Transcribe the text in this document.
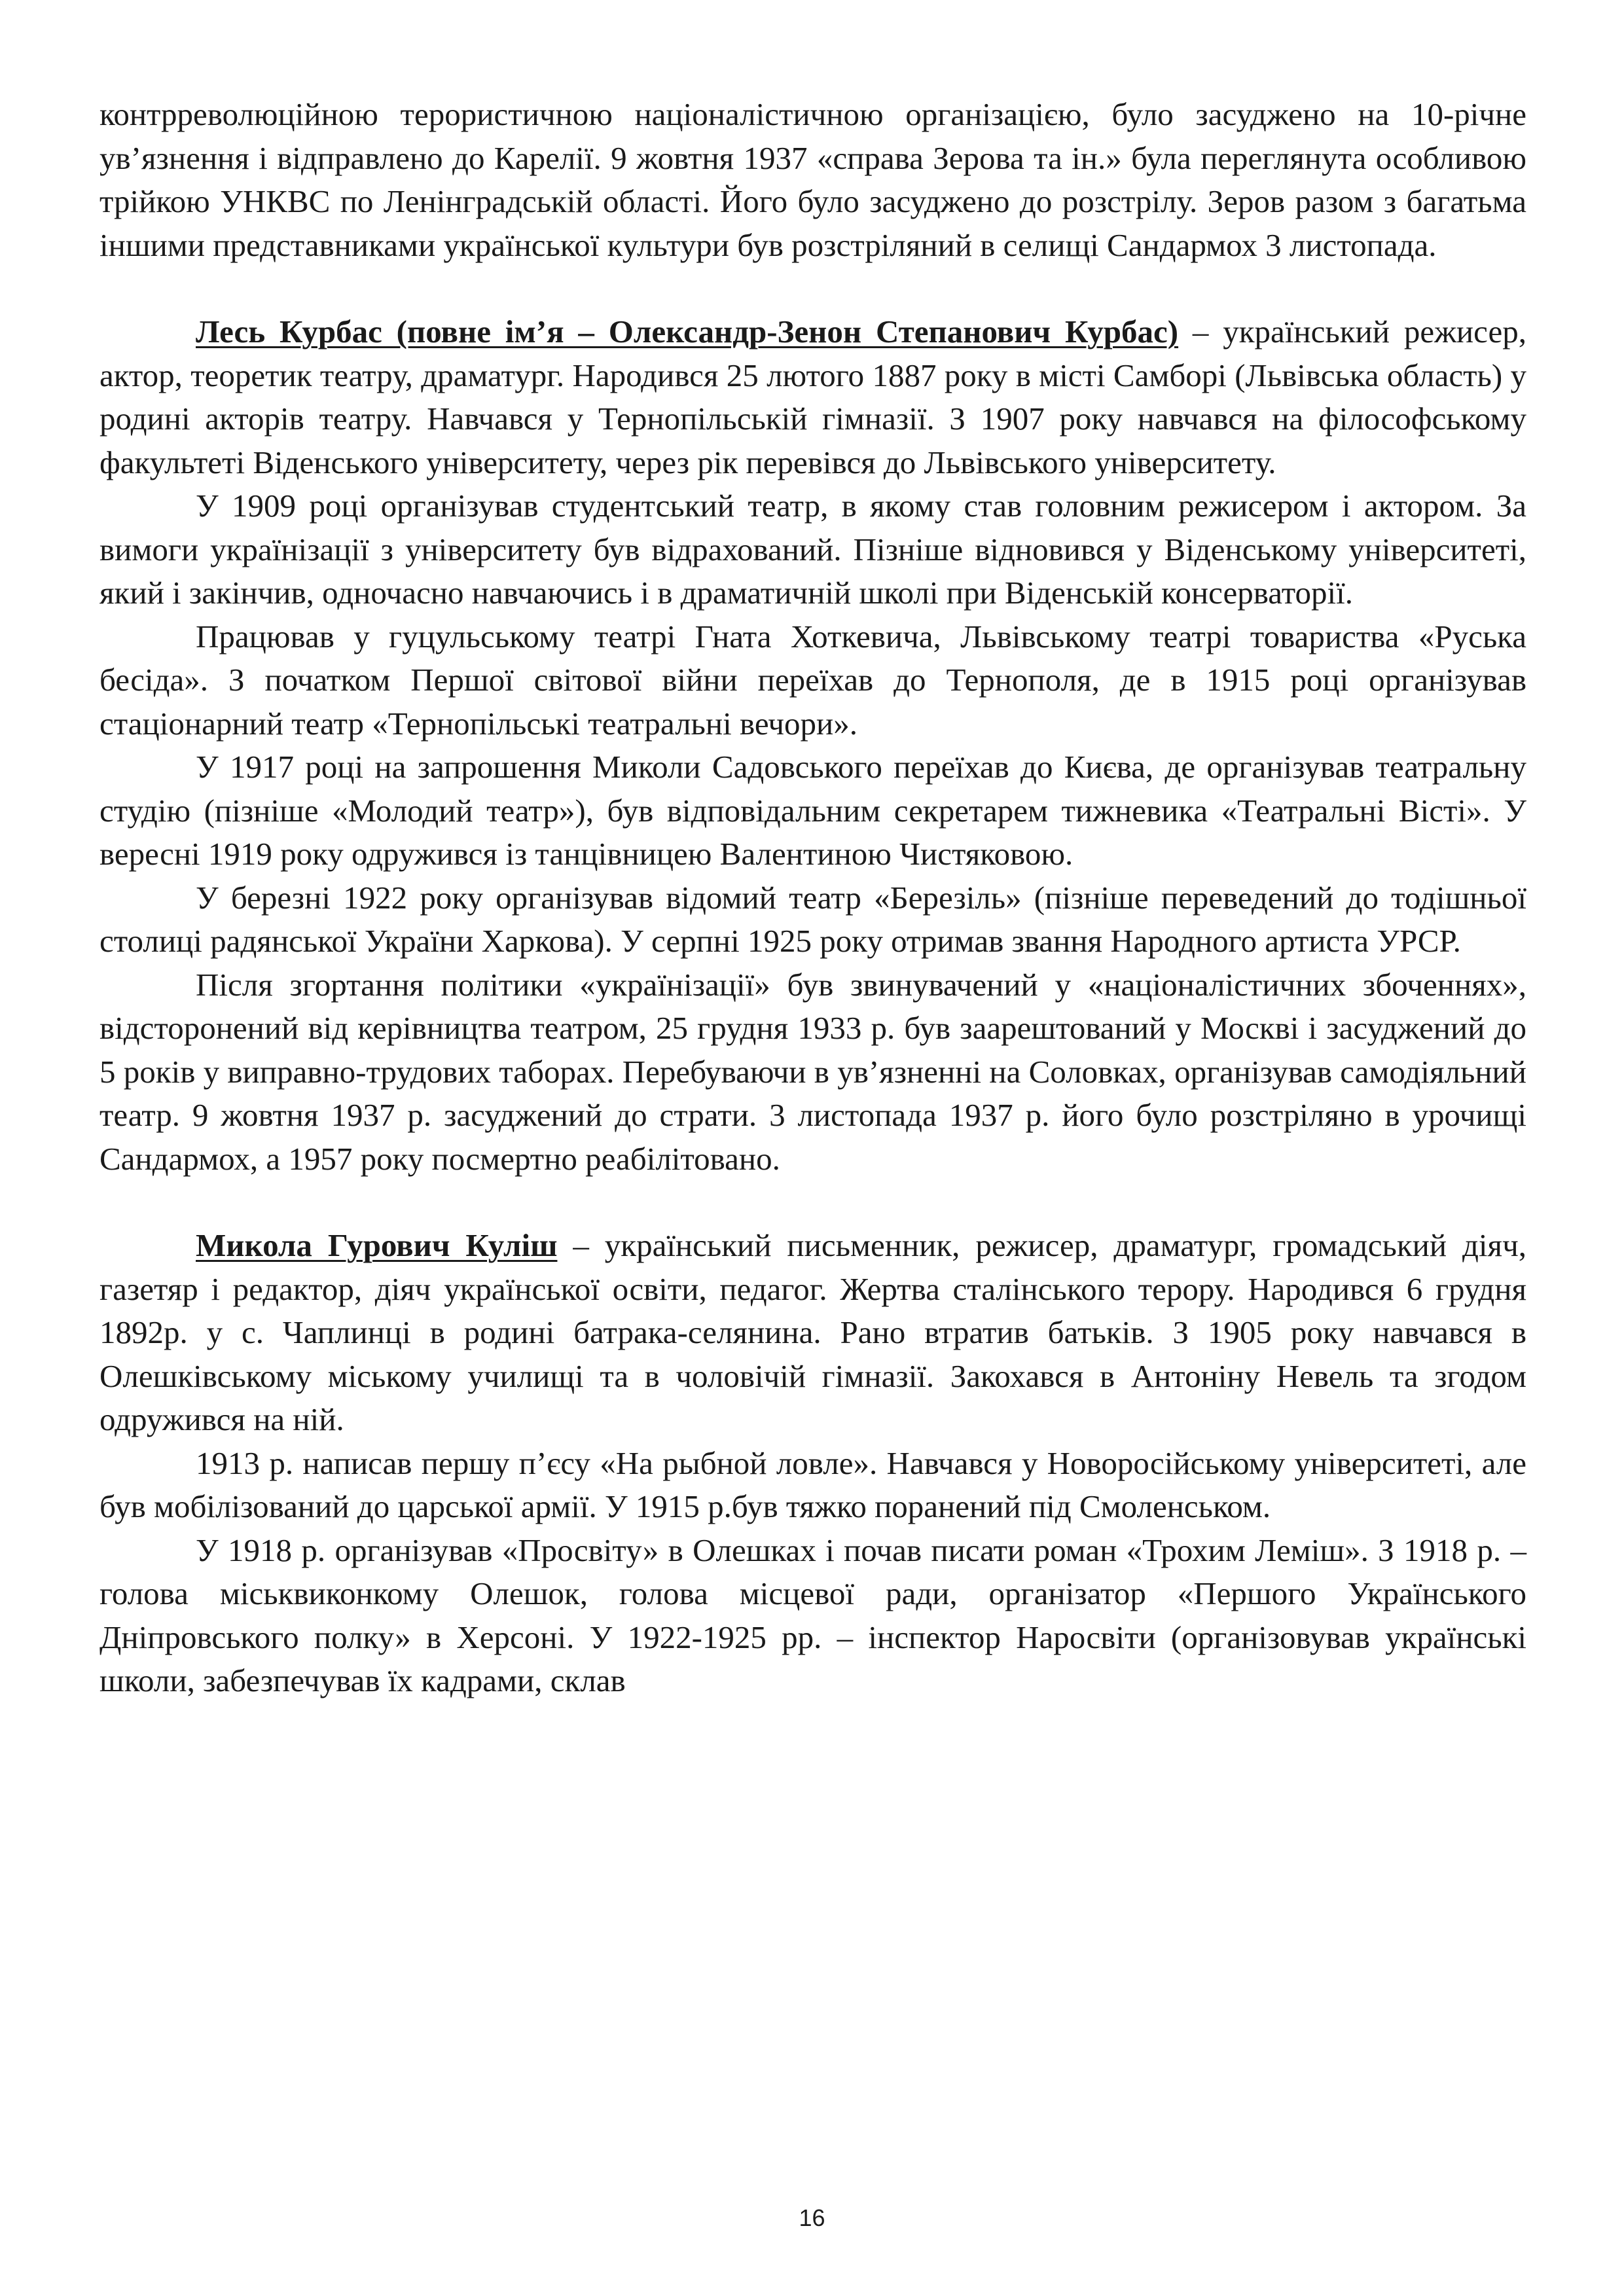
контрреволюційною терористичною націоналістичною організацією, було засуджено на 10-річне ув’язнення і відправлено до Карелії. 9 жовтня 1937 «справа Зерова та ін.» була переглянута особливою трійкою УНКВС по Ленінградській області. Його було засуджено до розстрілу. Зеров разом з багатьма іншими представниками української культури був розстріляний в селищі Сандармох 3 листопада.

Лесь Курбас (повне ім’я – Олександр-Зенон Степанович Курбас) – український режисер, актор, теоретик театру, драматург. Народився 25 лютого 1887 року в місті Самборі (Львівська область) у родині акторів театру. Навчався у Тернопільській гімназії. З 1907 року навчався на філософському факультеті Віденського університету, через рік перевівся до Львівського університету.

У 1909 році організував студентський театр, в якому став головним режисером і актором. За вимоги українізації з університету був відрахований. Пізніше відновився у Віденському університеті, який і закінчив, одночасно навчаючись і в драматичній школі при Віденській консерваторії.

Працював у гуцульському театрі Гната Хоткевича, Львівському театрі товариства «Руська бесіда». З початком Першої світової війни переїхав до Тернополя, де в 1915 році організував стаціонарний театр «Тернопільські театральні вечори».

У 1917 році на запрошення Миколи Садовського переїхав до Києва, де організував театральну студію (пізніше «Молодий театр»), був відповідальним секретарем тижневика «Театральні Вісті». У вересні 1919 року одружився із танцівницею Валентиною Чистяковою.

У березні 1922 року організував відомий театр «Березіль» (пізніше переведений до тодішньої столиці радянської України Харкова). У серпні 1925 року отримав звання Народного артиста УРСР.

Після згортання політики «українізації» був звинувачений у «націоналістичних збоченнях», відсторонений від керівництва театром, 25 грудня 1933 р. був заарештований у Москві і засуджений до 5 років у виправно-трудових таборах. Перебуваючи в ув’язненні на Соловках, організував самодіяльний театр. 9 жовтня 1937 р. засуджений до страти. 3 листопада 1937 р. його було розстріляно в урочищі Сандармох, а 1957 року посмертно реабілітовано.

Микола Гурович Куліш – український письменник, режисер, драматург, громадський діяч, газетяр і редактор, діяч української освіти, педагог. Жертва сталінського терору. Народився 6 грудня 1892р. у с. Чаплинці в родині батрака-селянина. Рано втратив батьків. З 1905 року навчався в Олешківському міському училищі та в чоловічій гімназії. Закохався в Антоніну Невель та згодом одружився на ній.

1913 р. написав першу п’єсу «На рыбной ловле». Навчався у Новоросійському університеті, але був мобілізований до царської армії. У 1915 р.був тяжко поранений під Смоленськом.

У 1918 р. організував «Просвіту» в Олешках і почав писати роман «Трохим Леміш». З 1918 р. – голова міськвиконкому Олешок, голова місцевої ради, організатор «Першого Українського Дніпровського полку» в Херсоні. У 1922-1925 рр. – інспектор Наросвіти (організовував українські школи, забезпечував їх кадрами, склав

16
